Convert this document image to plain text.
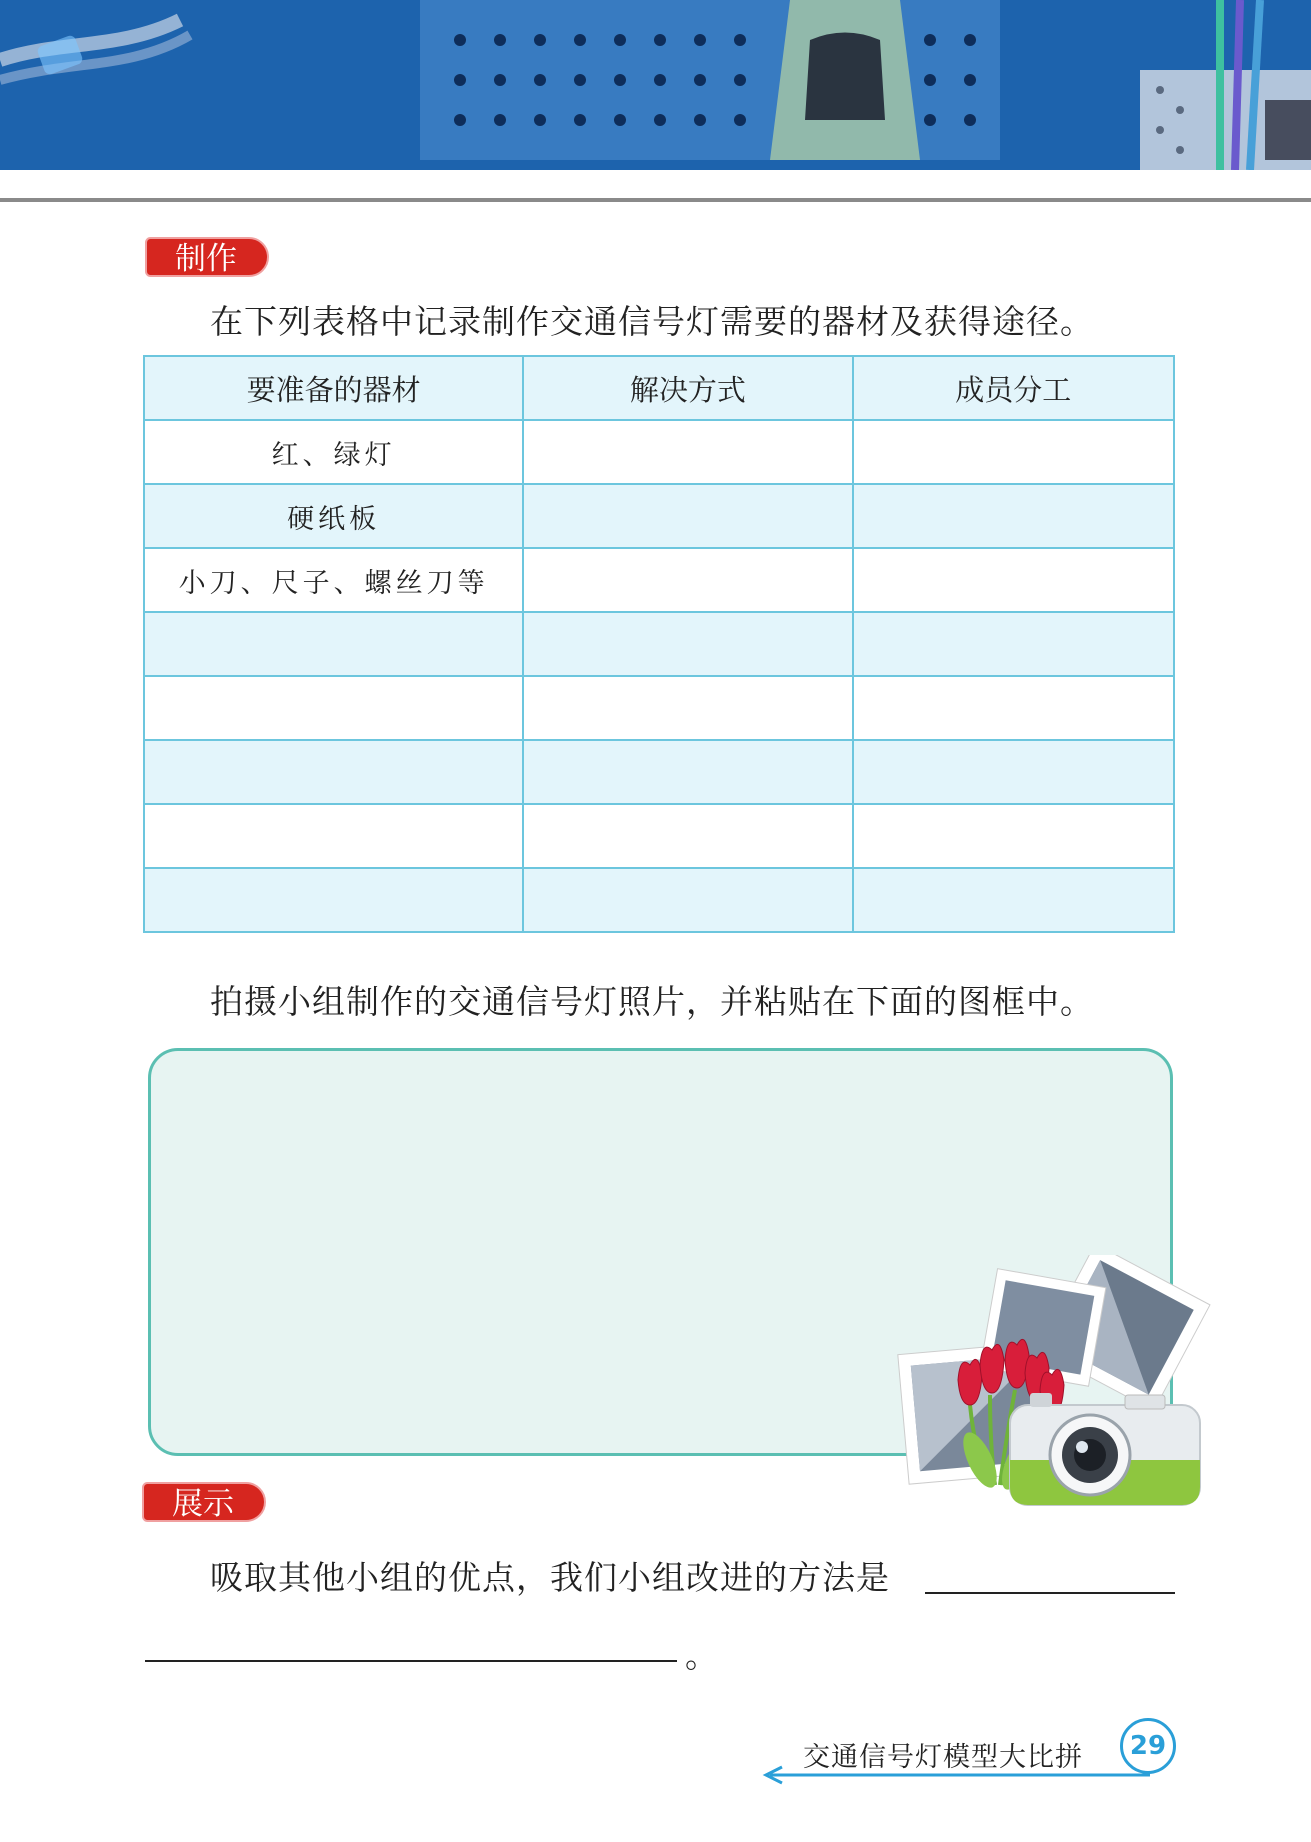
制作
在下列表格中记录制作交通信号灯需要的器材及获得途径。
要准备的器材	解决方式	成员分工
红、绿灯		
硬纸板		
小刀、尺子、螺丝刀等		

拍摄小组制作的交通信号灯照片，并粘贴在下面的图框中。
展示
吸取其他小组的优点，我们小组改进的方法是
。
交通信号灯模型大比拼	29
